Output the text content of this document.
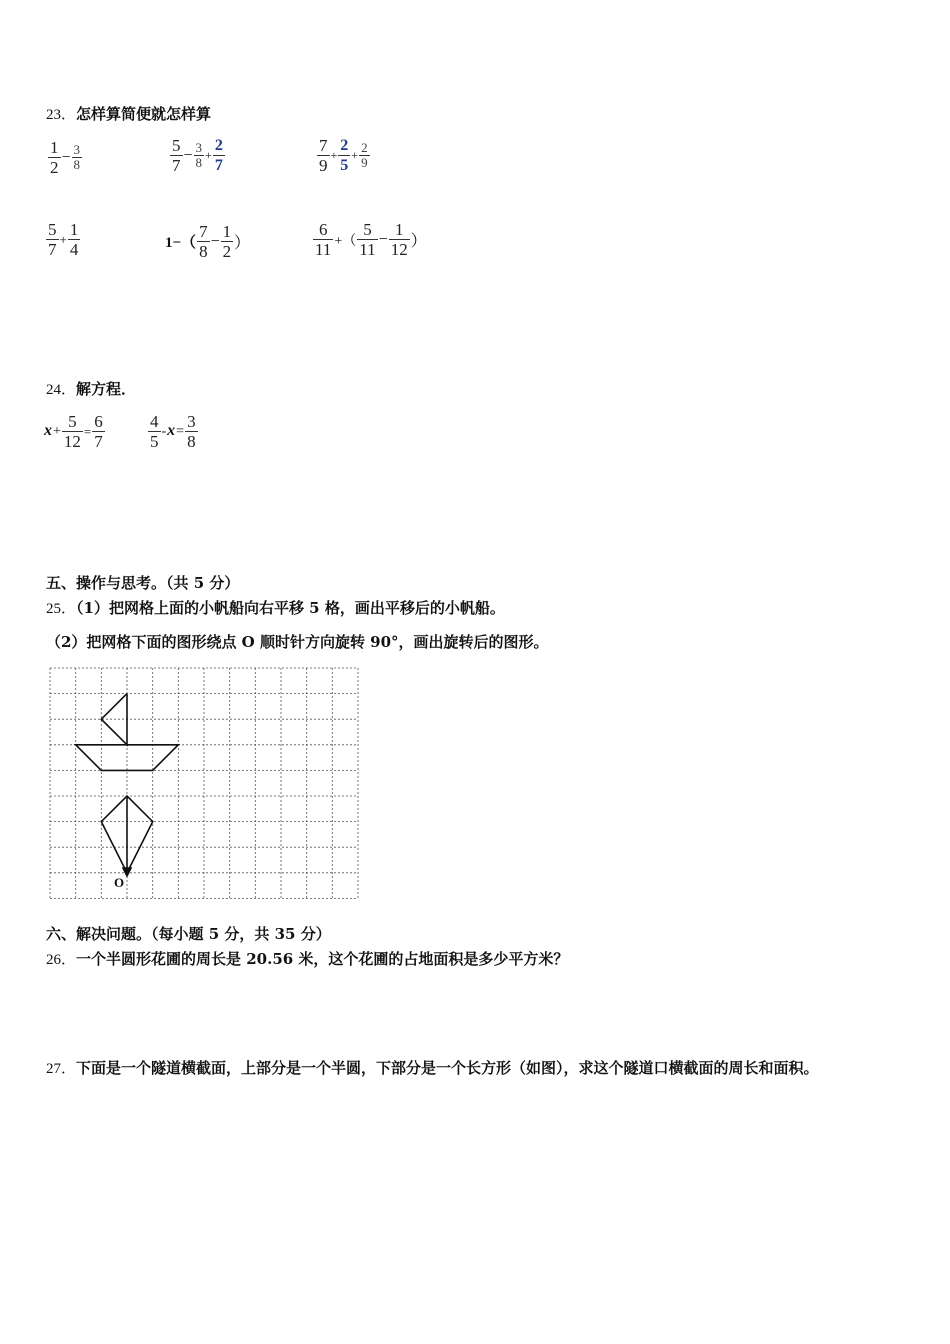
23．怎样算简便就怎样算
$\frac{1}{2} - \frac{3}{8}$	$\frac{5}{7} - \frac{3}{8} + \frac{2}{7}$	$\frac{7}{9} + \frac{2}{5} + \frac{2}{9}$
$\frac{5}{7} + \frac{1}{4}$	$1-( \frac{7}{8} - \frac{1}{2}$ ）	$\frac{6}{11}$ +（ $\frac{5}{11} - \frac{1}{12}$ ）
24．解方程．
$x+ \frac{5}{12} = \frac{6}{7}$	$\frac{4}{5} -x= \frac{3}{8}$
五、操作与思考。（共 5 分）
25．（1）把网格上面的小帆船向右平移 5 格，画出平移后的小帆船。
（2）把网格下面的图形绕点 O 顺时针方向旋转 90°，画出旋转后的图形。
O
六、解决问题。（每小题 5 分，共 35 分）
26．一个半圆形花圃的周长是 20.56 米，这个花圃的占地面积是多少平方米？
27．下面是一个隧道横截面，上部分是一个半圆，下部分是一个长方形（如图），求这个隧道口横截面的周长和面积。
